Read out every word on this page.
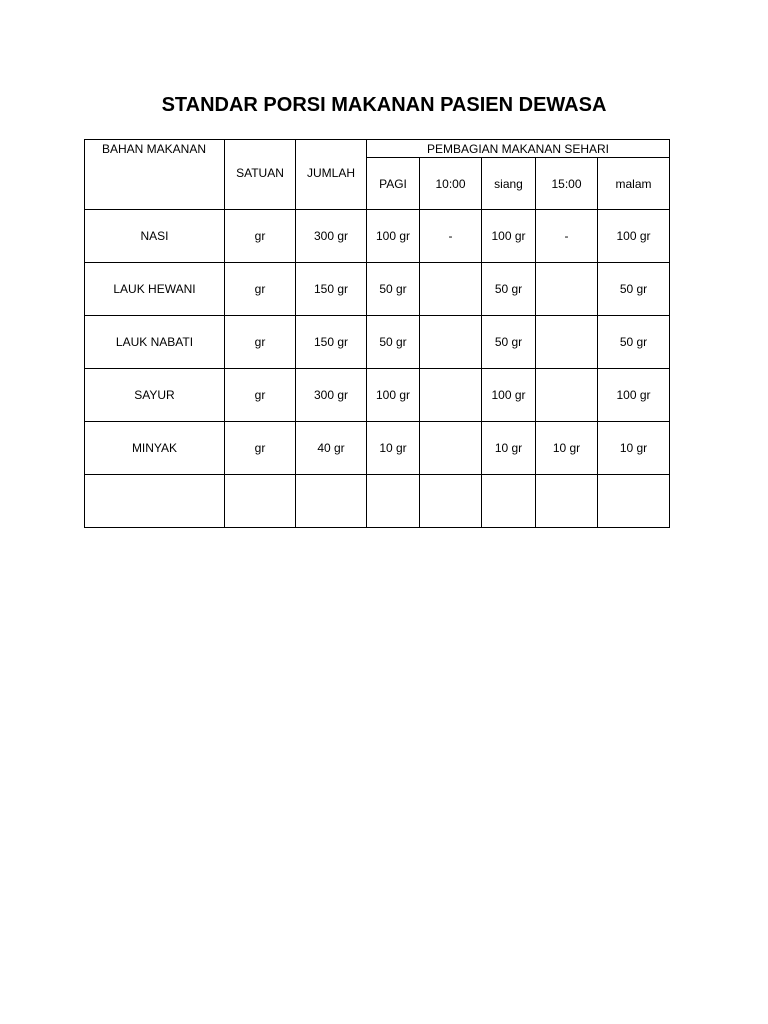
STANDAR PORSI MAKANAN PASIEN DEWASA
BAHAN MAKANAN	SATUAN	JUMLAH	PEMBAGIAN MAKANAN SEHARI				
			PAGI	10:00	siang	15:00	malam
NASI	gr	300 gr	100 gr	-	100 gr	-	100 gr
LAUK HEWANI	gr	150 gr	50 gr		50 gr		50 gr
LAUK NABATI	gr	150 gr	50 gr		50 gr		50 gr
SAYUR	gr	300 gr	100 gr		100 gr		100 gr
MINYAK	gr	40 gr	10 gr		10 gr	10 gr	10 gr
